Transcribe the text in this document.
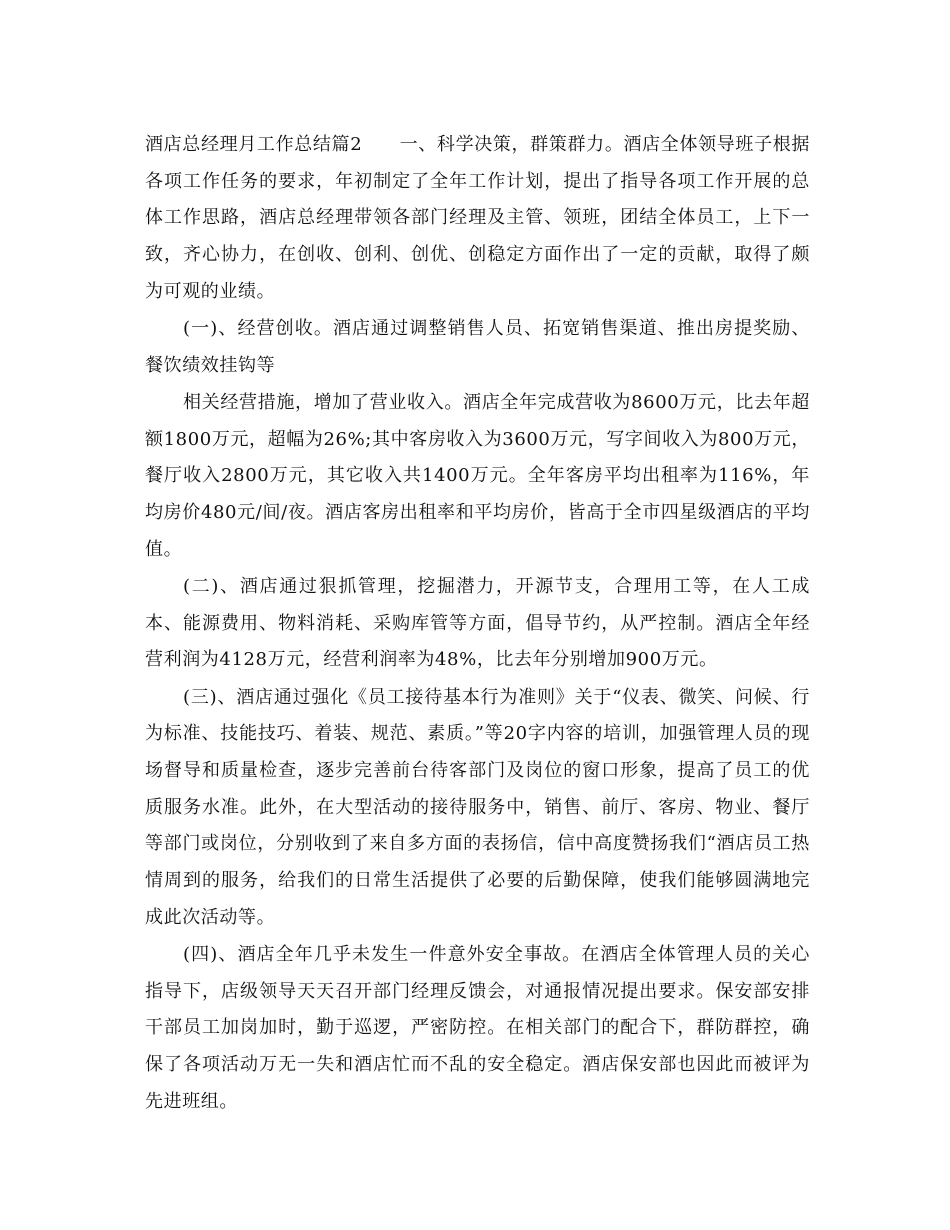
酒店总经理月工作总结篇2　　一、科学决策，群策群力。酒店全体领导班子根据各项工作任务的要求，年初制定了全年工作计划，提出了指导各项工作开展的总体工作思路，酒店总经理带领各部门经理及主管、领班，团结全体员工，上下一致，齐心协力，在创收、创利、创优、创稳定方面作出了一定的贡献，取得了颇为可观的业绩。

(一)、经营创收。酒店通过调整销售人员、拓宽销售渠道、推出房提奖励、餐饮绩效挂钩等

相关经营措施，增加了营业收入。酒店全年完成营收为8600万元，比去年超额1800万元，超幅为26%;其中客房收入为3600万元，写字间收入为800万元，餐厅收入2800万元，其它收入共1400万元。全年客房平均出租率为116%，年均房价480元/间/夜。酒店客房出租率和平均房价，皆高于全市四星级酒店的平均值。

(二)、酒店通过狠抓管理，挖掘潜力，开源节支，合理用工等，在人工成本、能源费用、物料消耗、采购库管等方面，倡导节约，从严控制。酒店全年经营利润为4128万元，经营利润率为48%，比去年分别增加900万元。

(三)、酒店通过强化《员工接待基本行为准则》关于“仪表、微笑、问候、行为标准、技能技巧、着装、规范、素质。”等20字内容的培训，加强管理人员的现场督导和质量检查，逐步完善前台待客部门及岗位的窗口形象，提高了员工的优质服务水准。此外，在大型活动的接待服务中，销售、前厅、客房、物业、餐厅等部门或岗位，分别收到了来自多方面的表扬信，信中高度赞扬我们“酒店员工热情周到的服务，给我们的日常生活提供了必要的后勤保障，使我们能够圆满地完成此次活动等。

(四)、酒店全年几乎未发生一件意外安全事故。在酒店全体管理人员的关心指导下，店级领导天天召开部门经理反馈会，对通报情况提出要求。保安部安排干部员工加岗加时，勤于巡逻，严密防控。在相关部门的配合下，群防群控，确保了各项活动万无一失和酒店忙而不乱的安全稳定。酒店保安部也因此而被评为先进班组。
